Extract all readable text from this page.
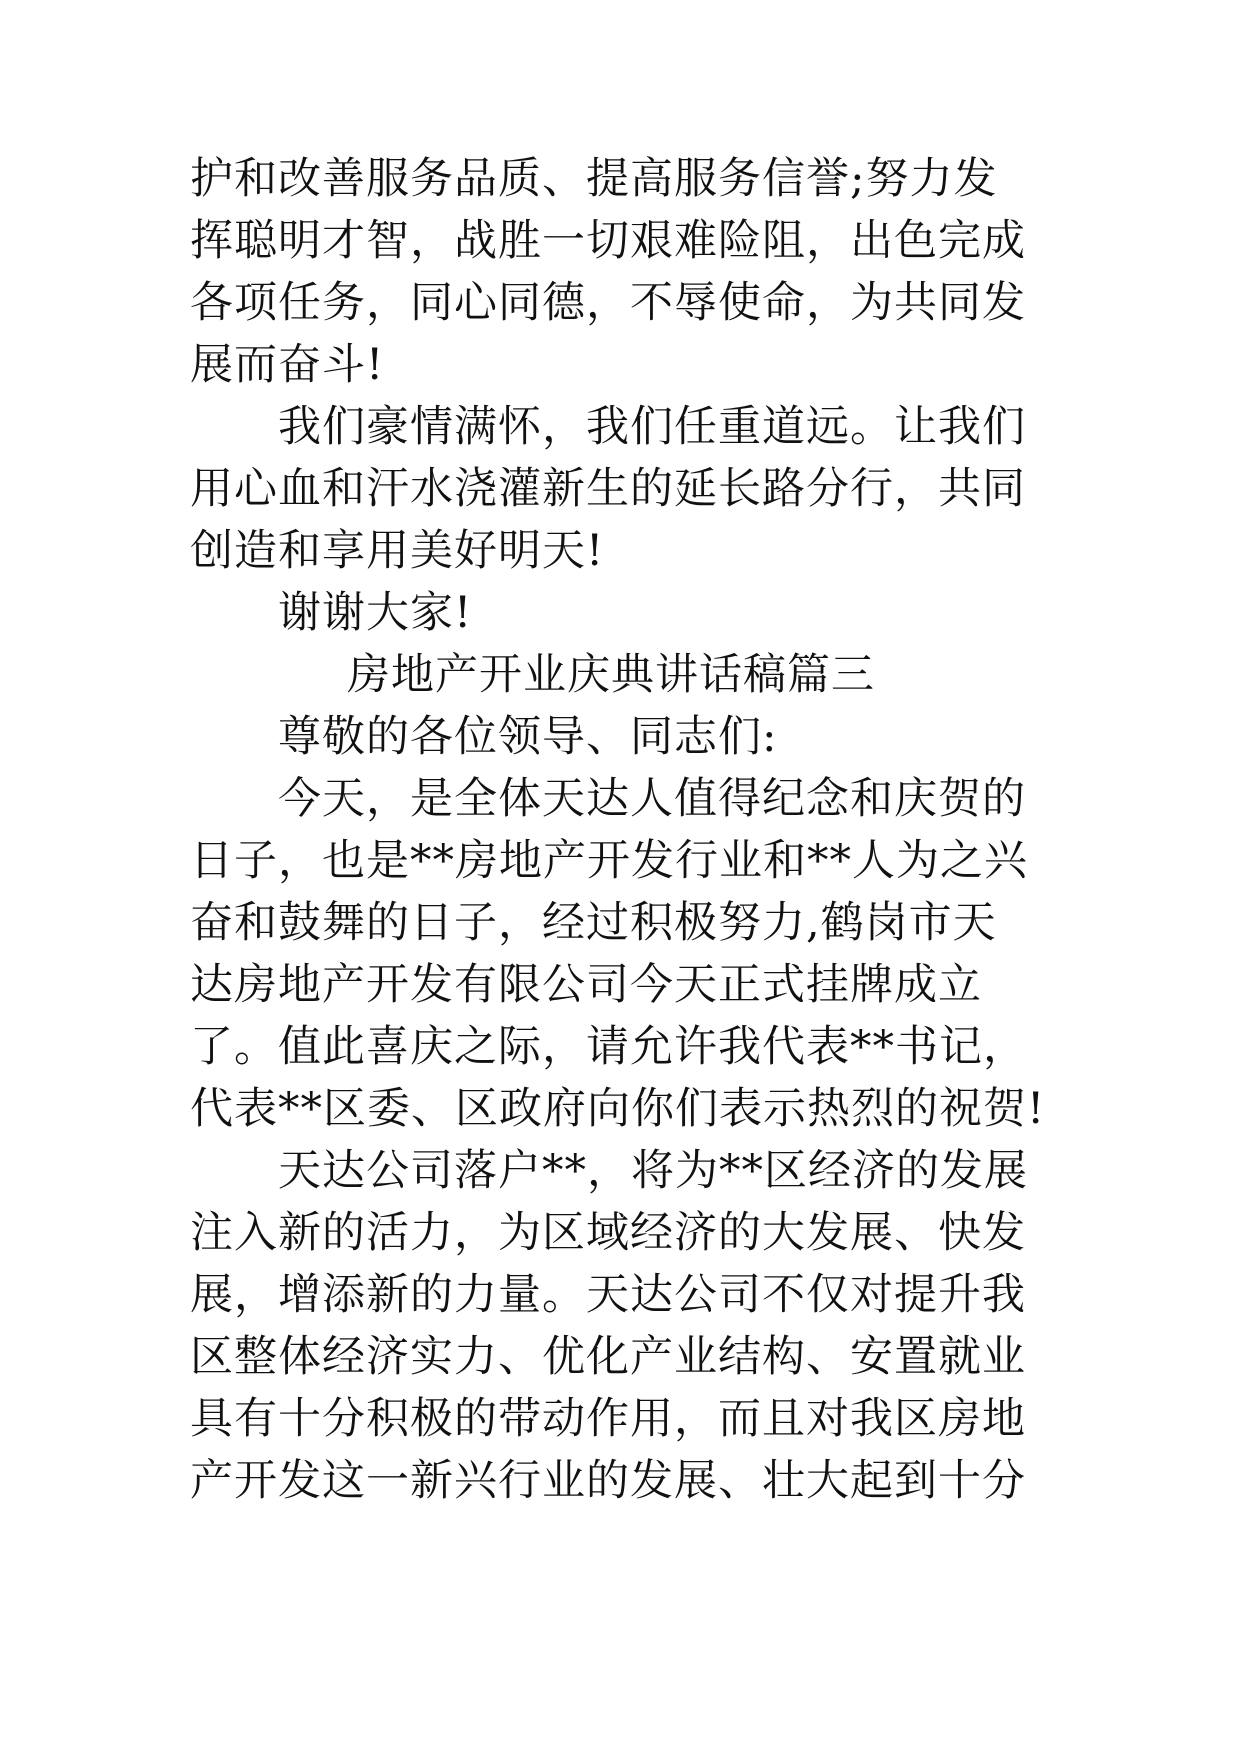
护和改善服务品质、提高服务信誉;努力发
挥聪明才智，战胜一切艰难险阻，出色完成
各项任务，同心同德，不辱使命，为共同发
展而奋斗!
我们豪情满怀，我们任重道远。让我们
用心血和汗水浇灌新生的延长路分行，共同
创造和享用美好明天!
谢谢大家!
房地产开业庆典讲话稿篇三
尊敬的各位领导、同志们:
今天，是全体天达人值得纪念和庆贺的
日子，也是**房地产开发行业和**人为之兴
奋和鼓舞的日子，经过积极努力,鹤岗市天
达房地产开发有限公司今天正式挂牌成立
了。值此喜庆之际，请允许我代表**书记，
代表**区委、区政府向你们表示热烈的祝贺!
天达公司落户**，将为**区经济的发展
注入新的活力，为区域经济的大发展、快发
展，增添新的力量。天达公司不仅对提升我
区整体经济实力、优化产业结构、安置就业
具有十分积极的带动作用，而且对我区房地
产开发这一新兴行业的发展、壮大起到十分
